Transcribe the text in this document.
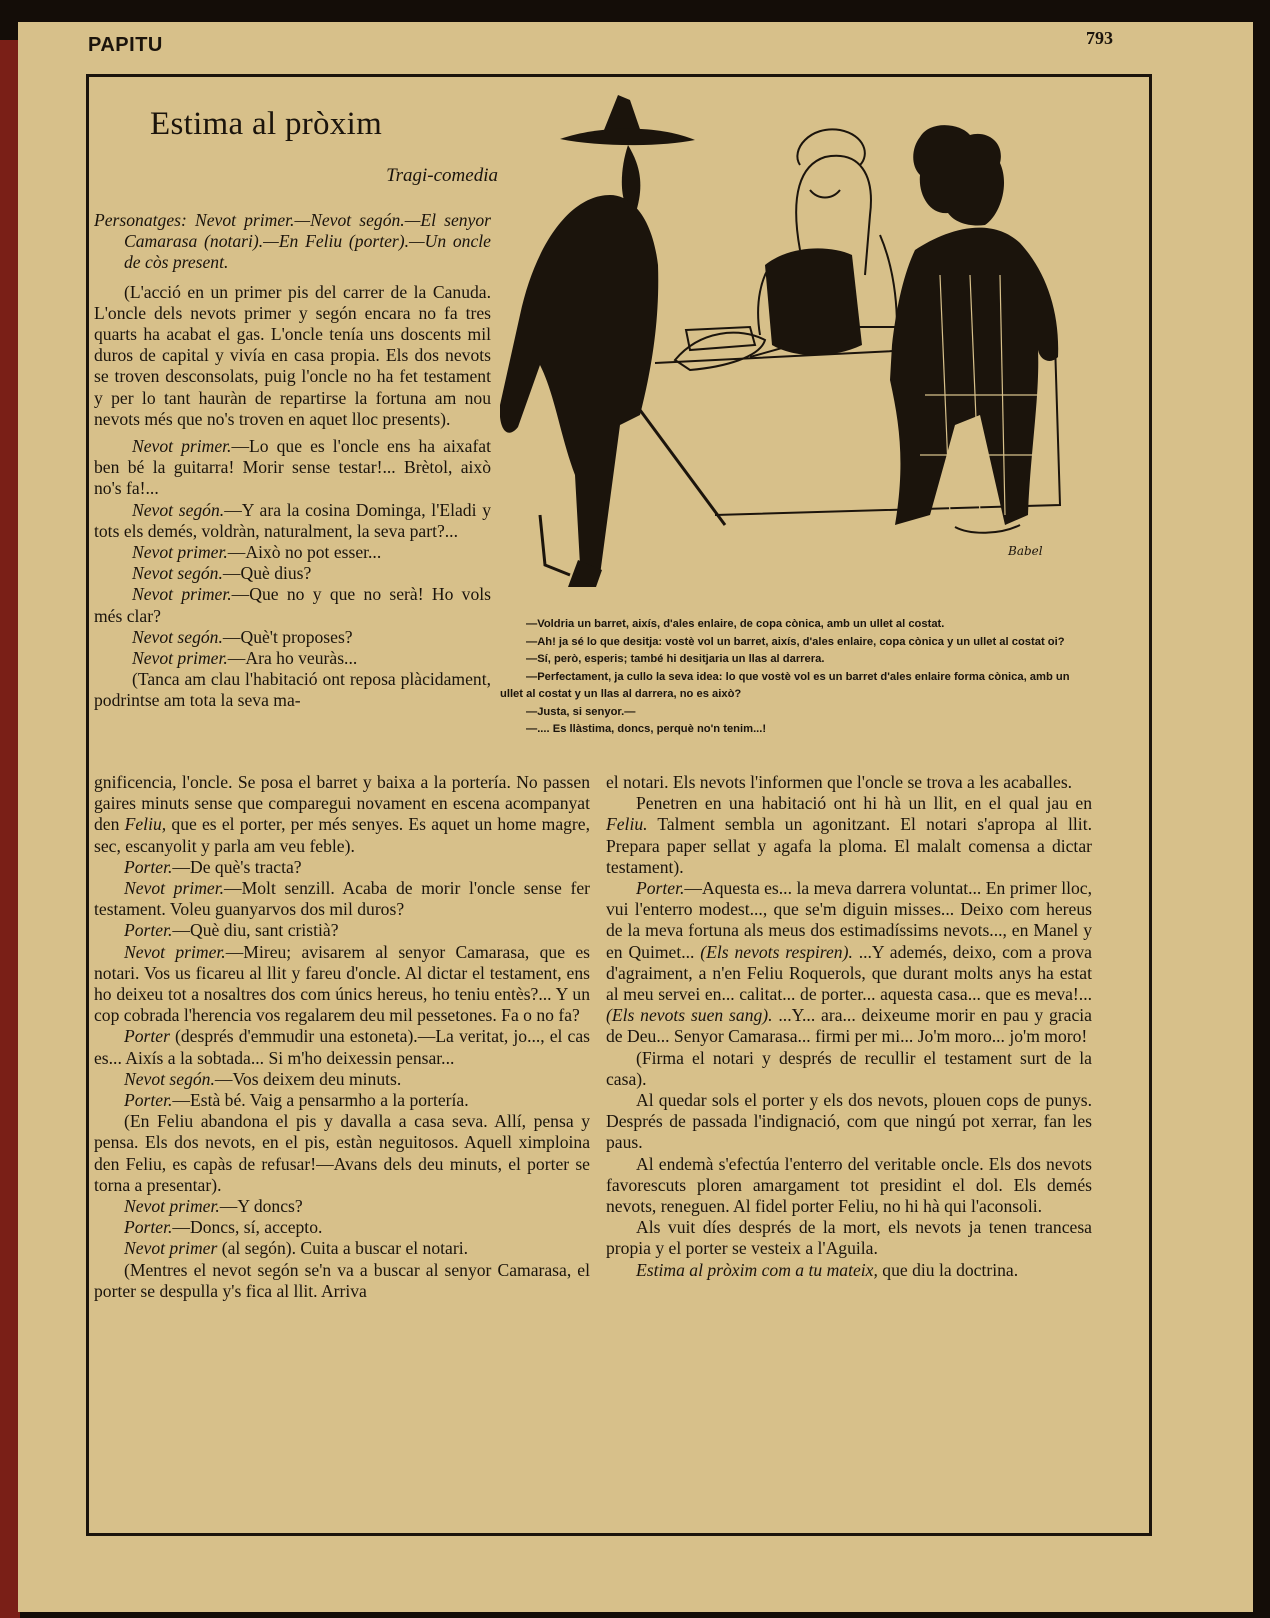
PAPITU	793
Estima al pròxim
Tragi-comedia

Personatges: Nevot primer.—Nevot segón.—El senyor Camarasa (notari).—En Feliu (porter).—Un oncle de còs present.

(L'acció en un primer pis del carrer de la Canuda. L'oncle dels nevots primer y segón encara no fa tres quarts ha acabat el gas. L'oncle tenía uns doscents mil duros de capital y vivía en casa propia. Els dos nevots se troven desconsolats, puig l'oncle no ha fet testament y per lo tant hauràn de repartirse la fortuna am nou nevots més que no's troven en aquet lloc presents).

Nevot primer.—Lo que es l'oncle ens ha aixafat ben bé la guitarra! Morir sense testar!... Brètol, això no's fa!...

Nevot segón.—Y ara la cosina Dominga, l'Eladi y tots els demés, voldràn, naturalment, la seva part?...

Nevot primer.—Això no pot esser...

Nevot segón.—Què dius?

Nevot primer.—Que no y que no serà! Ho vols més clar?

Nevot segón.—Què't proposes?

Nevot primer.—Ara ho veuràs...

(Tanca am clau l'habitació ont reposa plàcidament, podrintse am tota la seva ma-

Babel

—Voldria un barret, aixís, d'ales enlaire, de copa cònica, amb un ullet al costat.

—Ah! ja sé lo que desitja: vostè vol un barret, aixís, d'ales enlaire, copa cònica y un ullet al costat oi?

—Sí, però, esperis; també hi desitjaria un llas al darrera.

—Perfectament, ja cullo la seva idea: lo que vostè vol es un barret d'ales enlaire forma cònica, amb un ullet al costat y un llas al darrera, no es això?

—Justa, si senyor.—

—.... Es llàstima, doncs, perquè no'n tenim...!

gnificencia, l'oncle. Se posa el barret y baixa a la portería. No passen gaires minuts sense que comparegui novament en escena acompanyat den Feliu, que es el porter, per més senyes. Es aquet un home magre, sec, escanyolit y parla am veu feble).

Porter.—De què's tracta?

Nevot primer.—Molt senzill. Acaba de morir l'oncle sense fer testament. Voleu guanyarvos dos mil duros?

Porter.—Què diu, sant cristià?

Nevot primer.—Mireu; avisarem al senyor Camarasa, que es notari. Vos us ficareu al llit y fareu d'oncle. Al dictar el testament, ens ho deixeu tot a nosaltres dos com únics hereus, ho teniu entès?... Y un cop cobrada l'herencia vos regalarem deu mil pessetones. Fa o no fa?

Porter (després d'emmudir una estoneta).—La veritat, jo..., el cas es... Aixís a la sobtada... Si m'ho deixessin pensar...

Nevot segón.—Vos deixem deu minuts.

Porter.—Està bé. Vaig a pensarmho a la portería.

(En Feliu abandona el pis y davalla a casa seva. Allí, pensa y pensa. Els dos nevots, en el pis, estàn neguitosos. Aquell ximploina den Feliu, es capàs de refusar!—Avans dels deu minuts, el porter se torna a presentar).

Nevot primer.—Y doncs?

Porter.—Doncs, sí, accepto.

Nevot primer (al segón). Cuita a buscar el notari.

(Mentres el nevot segón se'n va a buscar al senyor Camarasa, el porter se despulla y's fica al llit. Arriva

el notari. Els nevots l'informen que l'oncle se trova a les acaballes.

Penetren en una habitació ont hi hà un llit, en el qual jau en Feliu. Talment sembla un agonitzant. El notari s'apropa al llit. Prepara paper sellat y agafa la ploma. El malalt comensa a dictar testament).

Porter.—Aquesta es... la meva darrera voluntat... En primer lloc, vui l'enterro modest..., que se'm diguin misses... Deixo com hereus de la meva fortuna als meus dos estimadíssims nevots..., en Manel y en Quimet... (Els nevots respiren). ...Y ademés, deixo, com a prova d'agraiment, a n'en Feliu Roquerols, que durant molts anys ha estat al meu servei en... calitat... de porter... aquesta casa... que es meva!... (Els nevots suen sang). ...Y... ara... deixeume morir en pau y gracia de Deu... Senyor Camarasa... firmi per mi... Jo'm moro... jo'm moro!

(Firma el notari y després de recullir el testament surt de la casa).

Al quedar sols el porter y els dos nevots, plouen cops de punys. Després de passada l'indignació, com que ningú pot xerrar, fan les paus.

Al endemà s'efectúa l'enterro del veritable oncle. Els dos nevots favorescuts ploren amargament tot presidint el dol. Els demés nevots, reneguen. Al fidel porter Feliu, no hi hà qui l'aconsoli.

Als vuit díes després de la mort, els nevots ja tenen trancesa propia y el porter se vesteix a l'Aguila.

Estima al pròxim com a tu mateix, que diu la doctrina.
